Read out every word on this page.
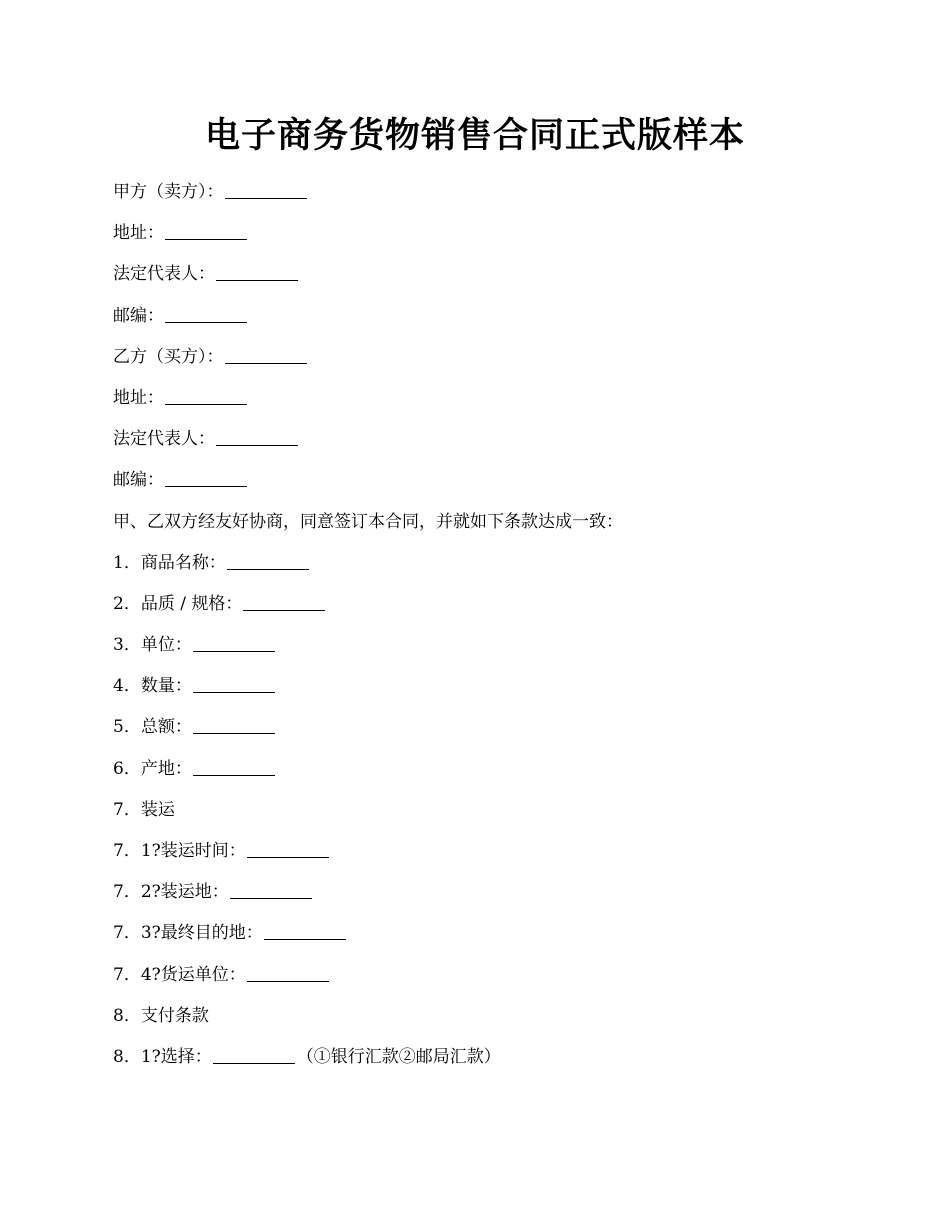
电子商务货物销售合同正式版样本
甲方（卖方）：
地址：
法定代表人：
邮编：
乙方（买方）：
地址：
法定代表人：
邮编：
甲、乙双方经友好协商，同意签订本合同，并就如下条款达成一致：
1．商品名称：
2．品质 / 规格：
3．单位：
4．数量：
5．总额：
6．产地：
7．装运
7．1?装运时间：
7．2?装运地：
7．3?最终目的地：
7．4?货运单位：
8．支付条款
8．1?选择：	（①银行汇款②邮局汇款）
